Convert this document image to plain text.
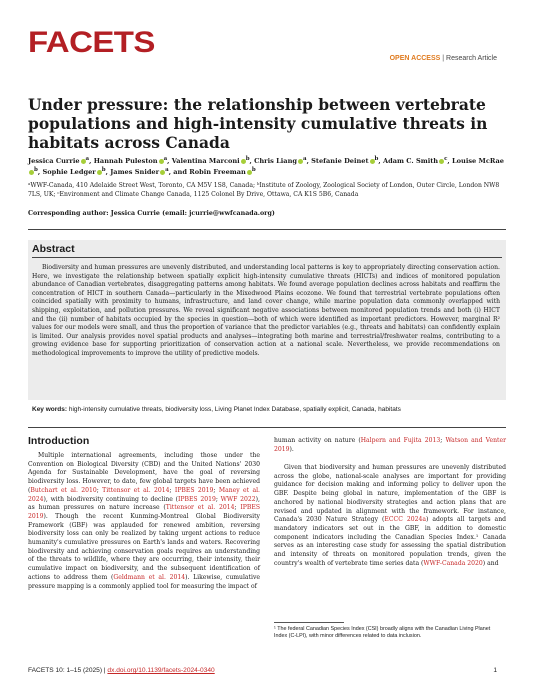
FACETS	OPEN ACCESS | Research Article
Under pressure: the relationship between vertebrate populations and high-intensity cumulative threats in habitats across Canada

Jessica Currie $^a$, Hannah Puleston $^a$, Valentina Marconi $^b$, Chris Liang $^a$, Stefanie Deinet $^b$, Adam C. Smith $^c$, Louise McRae$^b$, Sophie Ledger $^b$, James Snider $^a$, and Robin Freeman $^b$

ᵃWWF-Canada, 410 Adelaide Street West, Toronto, CA M5V 1S8, Canada; ᵇInstitute of Zoology, Zoological Society of London, Outer Circle, London NW8 7LS, UK; ᶜEnvironment and Climate Change Canada, 1125 Colonel By Drive, Ottawa, CA K1S 5B6, Canada

Corresponding author: Jessica Currie (email: jcurrie@wwfcanada.org)

Abstract

Biodiversity and human pressures are unevenly distributed, and understanding local patterns is key to appropriately directing conservation action. Here, we investigate the relationship between spatially explicit high-intensity cumulative threats (HICTs) and indices of monitored population abundance of Canadian vertebrates, disaggregating patterns among habitats. We found average population declines across habitats and reaffirm the concentration of HICT in southern Canada—particularly in the Mixedwood Plains ecozone. We found that terrestrial vertebrate populations often coincided spatially with proximity to humans, infrastructure, and land cover change, while marine population data commonly overlapped with shipping, exploitation, and pollution pressures. We reveal significant negative associations between monitored population trends and both (i) HICT and the (ii) number of habitats occupied by the species in question—both of which were identified as important predictors. However, marginal R² values for our models were small, and thus the proportion of variance that the predictor variables (e.g., threats and habitats) can confidently explain is limited. Our analysis provides novel spatial products and analyses—integrating both marine and terrestrial/freshwater realms, contributing to a growing evidence base for supporting prioritization of conservation action at a national scale. Nevertheless, we provide recommendations on methodological improvements to improve the utility of predictive models.

Key words: high-intensity cumulative threats, biodiversity loss, Living Planet Index Database, spatially explicit, Canada, habitats

Introduction

Multiple international agreements, including those under the Convention on Biological Diversity (CBD) and the United Nations' 2030 Agenda for Sustainable Development, have the goal of reversing biodiversity loss. However, to date, few global targets have been achieved (Butchart et al. 2010; Tittensor et al. 2014; IPBES 2019; Maney et al. 2024), with biodiversity continuing to decline (IPBES 2019; WWF 2022), as human pressures on nature increase (Tittensor et al. 2014; IPBES 2019). Though the recent Kunming-Montreal Global Biodiversity Framework (GBF) was applauded for renewed ambition, reversing biodiversity loss can only be realized by taking urgent actions to reduce humanity's cumulative pressures on Earth's lands and waters. Recovering biodiversity and achieving conservation goals requires an understanding of the threats to wildlife, where they are occurring, their intensity, their cumulative impact on biodiversity, and the subsequent identification of actions to address them (Geldmann et al. 2014). Likewise, cumulative pressure mapping is a commonly applied tool for measuring the impact of

human activity on nature (Halpern and Fujita 2013; Watson and Venter 2019).

Given that biodiversity and human pressures are unevenly distributed across the globe, national-scale analyses are important for providing guidance for decision making and informing policy to deliver upon the GBF. Despite being global in nature, implementation of the GBF is anchored by national biodiversity strategies and action plans that are revised and updated in alignment with the framework. For instance, Canada's 2030 Nature Strategy (ECCC 2024a) adopts all targets and mandatory indicators set out in the GBF, in addition to domestic component indicators including the Canadian Species Index.¹ Canada serves as an interesting case study for assessing the spatial distribution and intensity of threats on monitored population trends, given the country's wealth of vertebrate time series data (WWF-Canada 2020) and

¹ The federal Canadian Species Index (CSI) broadly aligns with the Canadian Living Planet Index (C-LPI), with minor differences related to data inclusion.

FACETS 10: 1–15 (2025) | dx.doi.org/10.1139/facets-2024-0340	1
